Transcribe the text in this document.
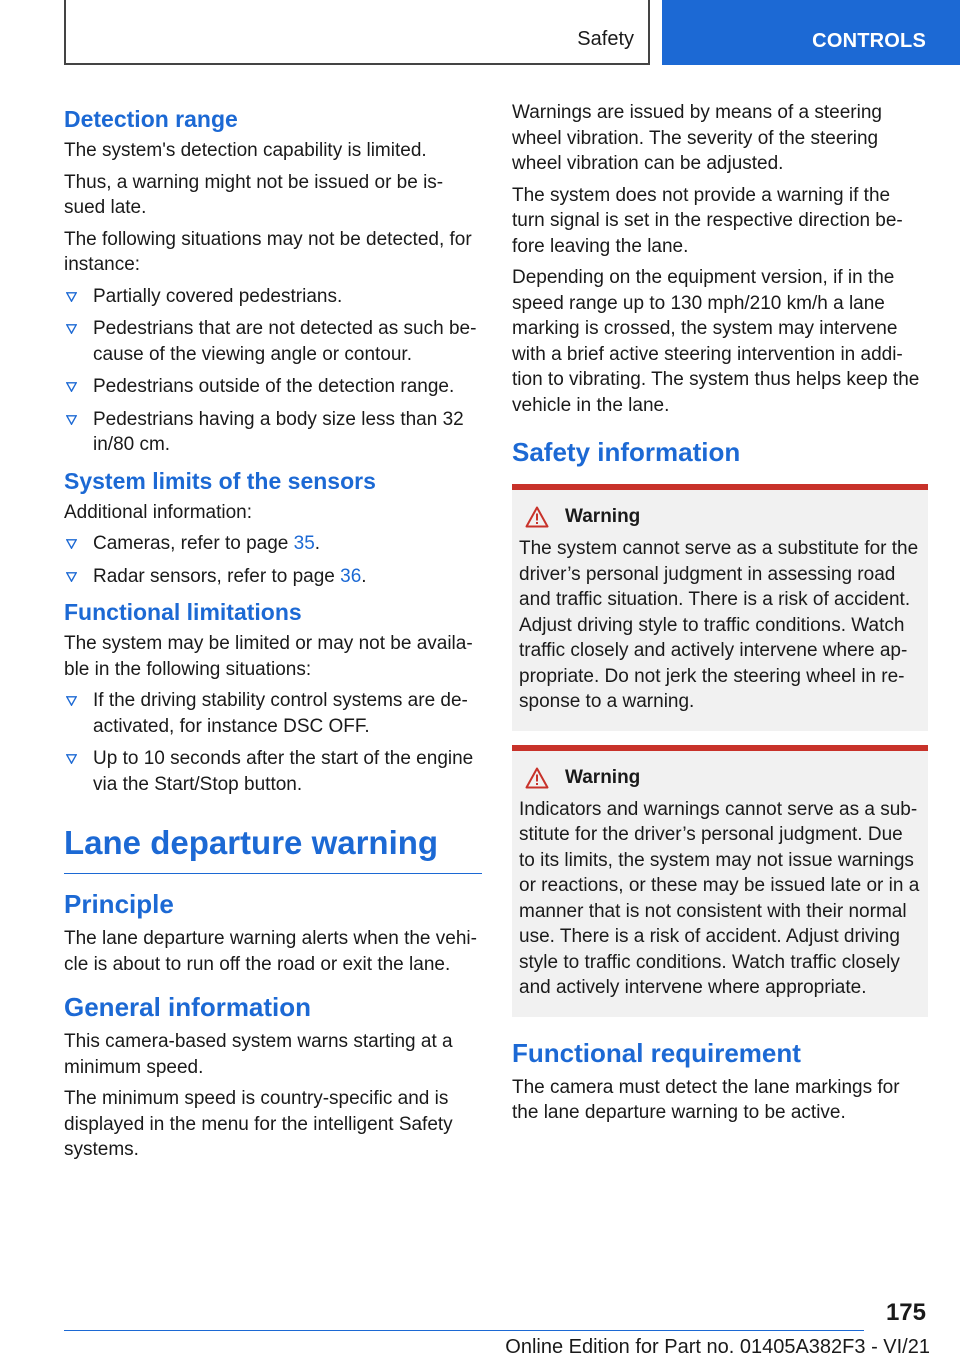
Safety	CONTROLS
Detection range

The system's detection capability is limited.

Thus, a warning might not be issued or be is-sued late.

The following situations may not be detected, for instance:

Partially covered pedestrians.
Pedestrians that are not detected as such be-cause of the viewing angle or contour.
Pedestrians outside of the detection range.
Pedestrians having a body size less than 32 in/80 cm.
System limits of the sensors

Additional information:

Cameras, refer to page 35.
Radar sensors, refer to page 36.
Functional limitations

The system may be limited or may not be availa-ble in the following situations:

If the driving stability control systems are de-activated, for instance DSC OFF.
Up to 10 seconds after the start of the engine via the Start/Stop button.
Lane departure warning
Principle

The lane departure warning alerts when the vehi-cle is about to run off the road or exit the lane.

General information

This camera-based system warns starting at a minimum speed.

The minimum speed is country-specific and is displayed in the menu for the intelligent Safety systems.

Warnings are issued by means of a steering wheel vibration. The severity of the steering wheel vibration can be adjusted.

The system does not provide a warning if the turn signal is set in the respective direction be-fore leaving the lane.

Depending on the equipment version, if in the speed range up to 130 mph/210 km/h a lane marking is crossed, the system may intervene with a brief active steering intervention in addi-tion to vibrating. The system thus helps keep the vehicle in the lane.

Safety information
Warning

The system cannot serve as a substitute for the driver’s personal judgment in assessing road and traffic situation. There is a risk of accident. Adjust driving style to traffic conditions. Watch traffic closely and actively intervene where ap-propriate. Do not jerk the steering wheel in re-sponse to a warning.

Warning

Indicators and warnings cannot serve as a sub-stitute for the driver’s personal judgment. Due to its limits, the system may not issue warnings or reactions, or these may be issued late or in a manner that is not consistent with their normal use. There is a risk of accident. Adjust driving style to traffic conditions. Watch traffic closely and actively intervene where appropriate.

Functional requirement

The camera must detect the lane markings for the lane departure warning to be active.

175
Online Edition for Part no. 01405A382F3 - VI/21
